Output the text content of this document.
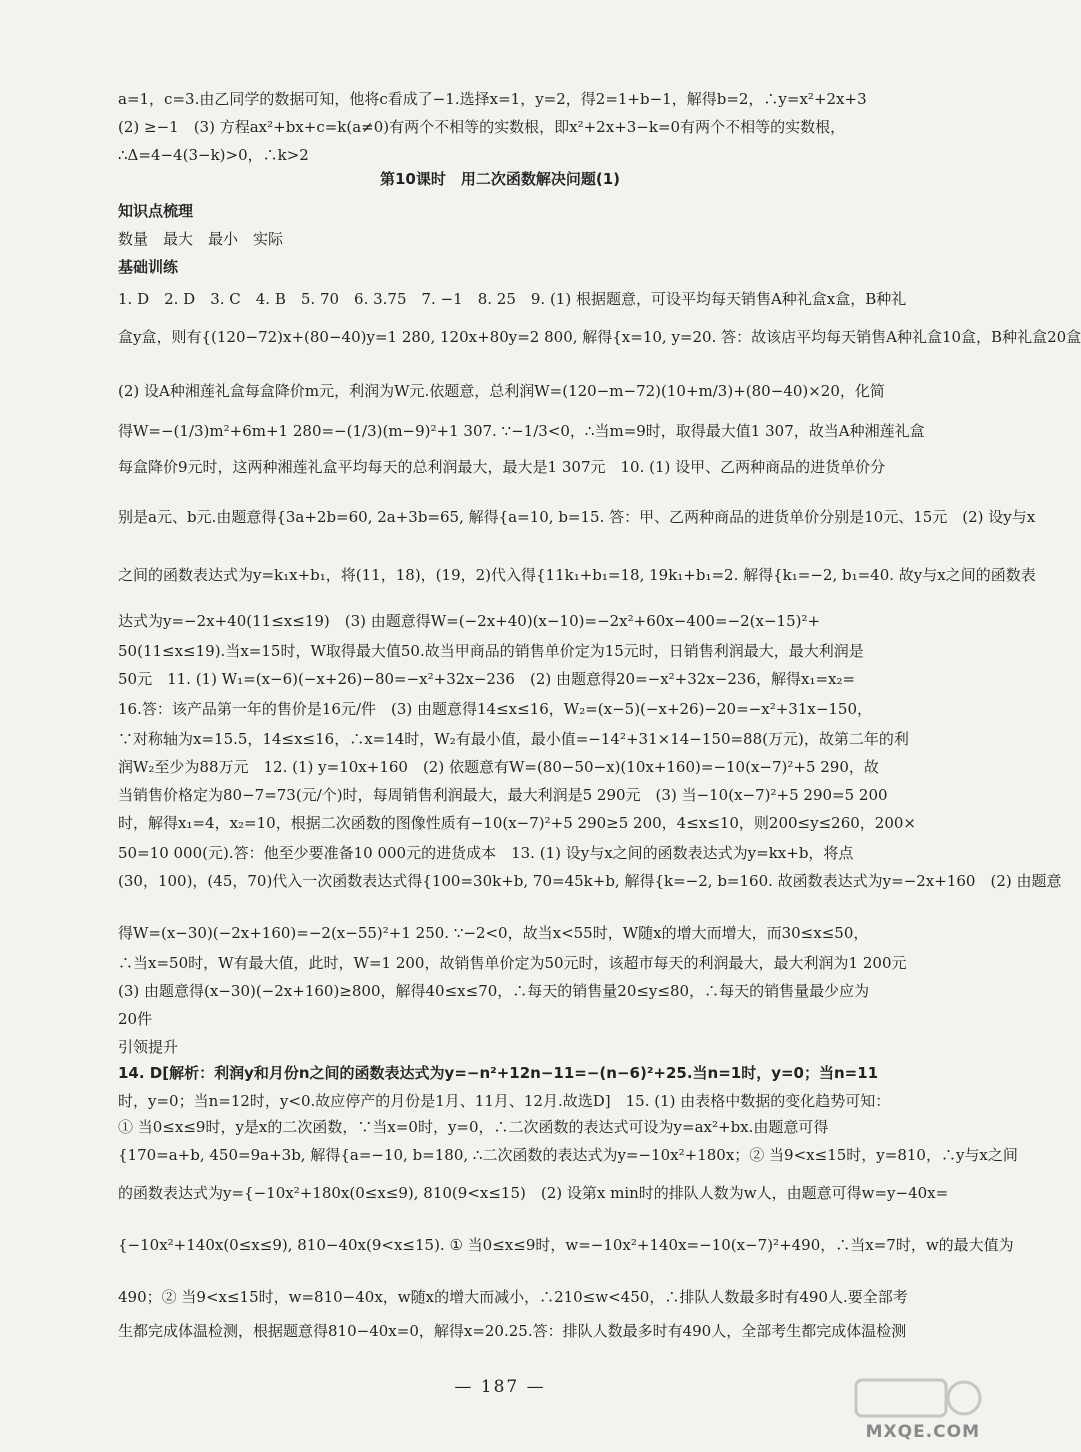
a=1，c=3.由乙同学的数据可知，他将c看成了−1.选择x=1，y=2，得2=1+b−1，解得b=2，∴y=x²+2x+3
(2) ≥−1　(3) 方程ax²+bx+c=k(a≠0)有两个不相等的实数根，即x²+2x+3−k=0有两个不相等的实数根，
∴Δ=4−4(3−k)>0，∴k>2
第10课时　用二次函数解决问题(1)
知识点梳理
数量　最大　最小　实际
基础训练
1. D　2. D　3. C　4. B　5. 70　6. 3.75　7. −1　8. 25　9. (1) 根据题意，可设平均每天销售A种礼盒x盒，B种礼
盒y盒，则有{(120−72)x+(80−40)y=1 280, 120x+80y=2 800, 解得{x=10, y=20. 答：故该店平均每天销售A种礼盒10盒，B种礼盒20盒
(2) 设A种湘莲礼盒每盒降价m元，利润为W元.依题意，总利润W=(120−m−72)(10+m/3)+(80−40)×20，化简
得W=−(1/3)m²+6m+1 280=−(1/3)(m−9)²+1 307. ∵−1/3<0，∴当m=9时，取得最大值1 307，故当A种湘莲礼盒
每盒降价9元时，这两种湘莲礼盒平均每天的总利润最大，最大是1 307元　10. (1) 设甲、乙两种商品的进货单价分
别是a元、b元.由题意得{3a+2b=60, 2a+3b=65, 解得{a=10, b=15. 答：甲、乙两种商品的进货单价分别是10元、15元　(2) 设y与x
之间的函数表达式为y=k₁x+b₁，将(11，18)，(19，2)代入得{11k₁+b₁=18, 19k₁+b₁=2. 解得{k₁=−2, b₁=40. 故y与x之间的函数表
达式为y=−2x+40(11≤x≤19)　(3) 由题意得W=(−2x+40)(x−10)=−2x²+60x−400=−2(x−15)²+
50(11≤x≤19).当x=15时，W取得最大值50.故当甲商品的销售单价定为15元时，日销售利润最大，最大利润是
50元　11. (1) W₁=(x−6)(−x+26)−80=−x²+32x−236　(2) 由题意得20=−x²+32x−236，解得x₁=x₂=
16.答：该产品第一年的售价是16元/件　(3) 由题意得14≤x≤16，W₂=(x−5)(−x+26)−20=−x²+31x−150，
∵对称轴为x=15.5，14≤x≤16，∴x=14时，W₂有最小值，最小值=−14²+31×14−150=88(万元)，故第二年的利
润W₂至少为88万元　12. (1) y=10x+160　(2) 依题意有W=(80−50−x)(10x+160)=−10(x−7)²+5 290，故
当销售价格定为80−7=73(元/个)时，每周销售利润最大，最大利润是5 290元　(3) 当−10(x−7)²+5 290=5 200
时，解得x₁=4，x₂=10，根据二次函数的图像性质有−10(x−7)²+5 290≥5 200，4≤x≤10，则200≤y≤260，200×
50=10 000(元).答：他至少要准备10 000元的进货成本　13. (1) 设y与x之间的函数表达式为y=kx+b，将点
(30，100)，(45，70)代入一次函数表达式得{100=30k+b, 70=45k+b, 解得{k=−2, b=160. 故函数表达式为y=−2x+160　(2) 由题意
得W=(x−30)(−2x+160)=−2(x−55)²+1 250. ∵−2<0，故当x<55时，W随x的增大而增大，而30≤x≤50，
∴当x=50时，W有最大值，此时，W=1 200，故销售单价定为50元时，该超市每天的利润最大，最大利润为1 200元
(3) 由题意得(x−30)(−2x+160)≥800，解得40≤x≤70，∴每天的销售量20≤y≤80，∴每天的销售量最少应为
20件
引领提升
14. D[解析：利润y和月份n之间的函数表达式为y=−n²+12n−11=−(n−6)²+25.当n=1时，y=0；当n=11
时，y=0；当n=12时，y<0.故应停产的月份是1月、11月、12月.故选D]　15. (1) 由表格中数据的变化趋势可知：
① 当0≤x≤9时，y是x的二次函数，∵当x=0时，y=0，∴二次函数的表达式可设为y=ax²+bx.由题意可得
{170=a+b, 450=9a+3b, 解得{a=−10, b=180, ∴二次函数的表达式为y=−10x²+180x；② 当9<x≤15时，y=810，∴y与x之间
的函数表达式为y={−10x²+180x(0≤x≤9), 810(9<x≤15)　(2) 设第x min时的排队人数为w人，由题意可得w=y−40x=
{−10x²+140x(0≤x≤9), 810−40x(9<x≤15). ① 当0≤x≤9时，w=−10x²+140x=−10(x−7)²+490，∴当x=7时，w的最大值为
490；② 当9<x≤15时，w=810−40x，w随x的增大而减小，∴210≤w<450，∴排队人数最多时有490人.要全部考
生都完成体温检测，根据题意得810−40x=0，解得x=20.25.答：排队人数最多时有490人，全部考生都完成体温检测
— 187 —
MXQE.COM
